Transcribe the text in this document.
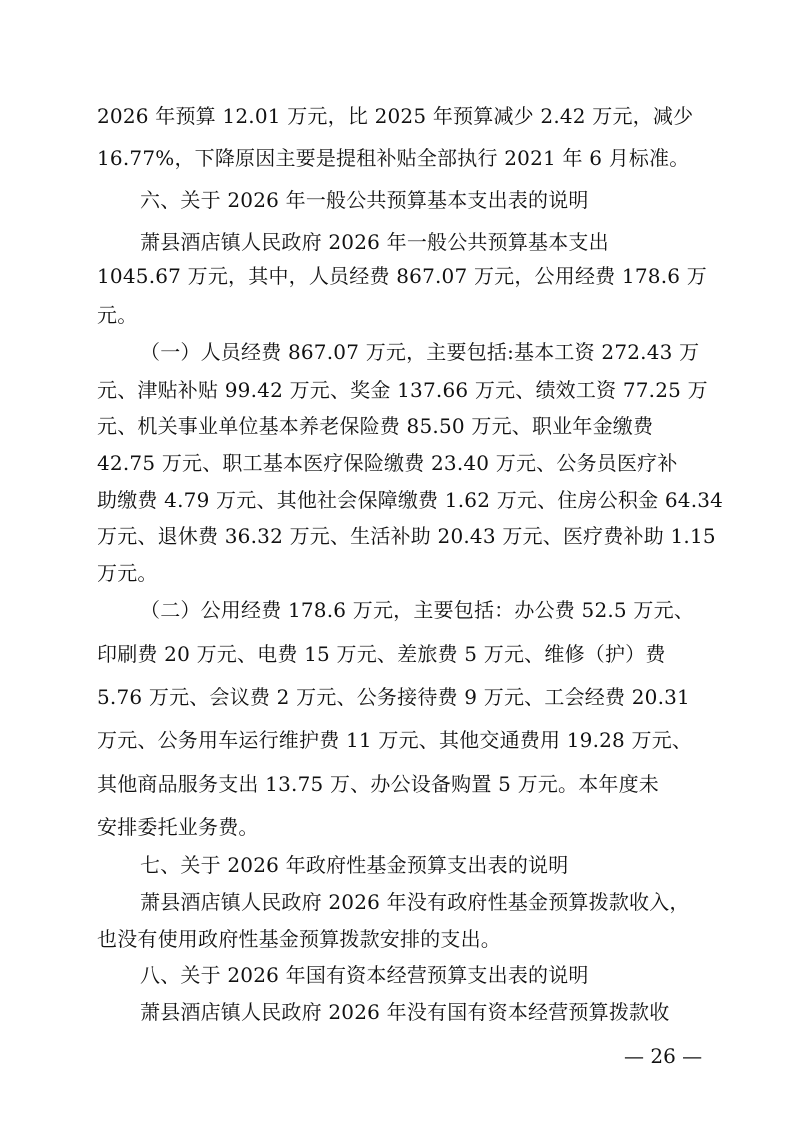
2026 年预算 12.01 万元，比 2025 年预算减少 2.42 万元，减少
16.77%，下降原因主要是提租补贴全部执行 2021 年 6 月标准。
六、关于 2026 年一般公共预算基本支出表的说明
萧县酒店镇人民政府 2026 年一般公共预算基本支出
1045.67 万元，其中，人员经费 867.07 万元，公用经费 178.6 万
元。
（一）人员经费 867.07 万元，主要包括:基本工资 272.43 万
元、津贴补贴 99.42 万元、奖金 137.66 万元、绩效工资 77.25 万
元、机关事业单位基本养老保险费 85.50 万元、职业年金缴费
42.75 万元、职工基本医疗保险缴费 23.40 万元、公务员医疗补
助缴费 4.79 万元、其他社会保障缴费 1.62 万元、住房公积金 64.34
万元、退休费 36.32 万元、生活补助 20.43 万元、医疗费补助 1.15
万元。
（二）公用经费 178.6 万元，主要包括：办公费 52.5 万元、
印刷费 20 万元、电费 15 万元、差旅费 5 万元、维修（护）费
5.76 万元、会议费 2 万元、公务接待费 9 万元、工会经费 20.31
万元、公务用车运行维护费 11 万元、其他交通费用 19.28 万元、
其他商品服务支出 13.75 万、办公设备购置 5 万元。本年度未
安排委托业务费。
七、关于 2026 年政府性基金预算支出表的说明
萧县酒店镇人民政府 2026 年没有政府性基金预算拨款收入，
也没有使用政府性基金预算拨款安排的支出。
八、关于 2026 年国有资本经营预算支出表的说明
萧县酒店镇人民政府 2026 年没有国有资本经营预算拨款收
— 26 —
